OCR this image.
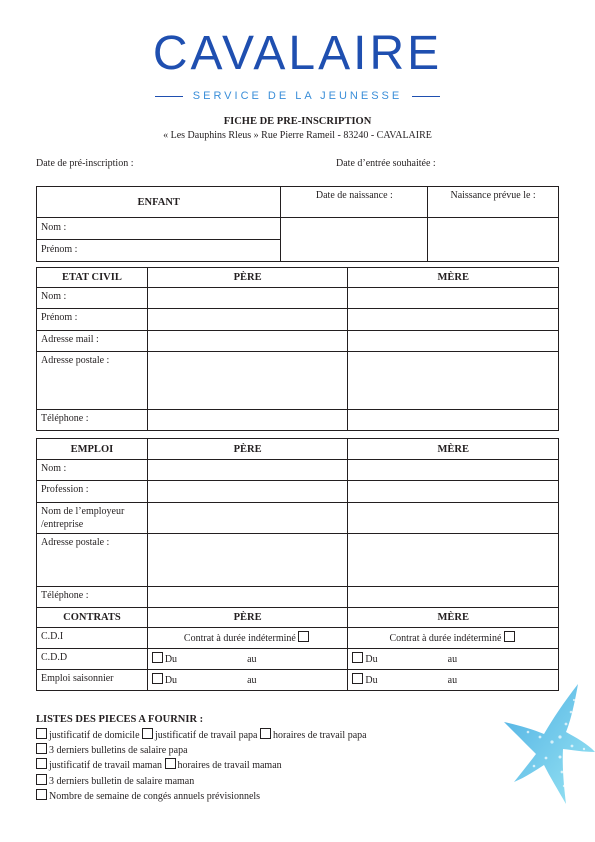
CAVALAIRE
SERVICE DE LA JEUNESSE
FICHE DE PRE-INSCRIPTION
« Les Dauphins Rleus » Rue Pierre Rameil - 83240 - CAVALAIRE
Date de pré-inscription :	Date d’entrée souhaitée :
ENFANT	Date de naissance :	Naissance prévue le :
Nom :		
Prénom :		
ETAT CIVIL	PÈRE	MÈRE
Nom :		
Prénom :		
Adresse mail :		
Adresse postale :		
Téléphone :		
EMPLOI	PÈRE	MÈRE
Nom :		
Profession :		
Nom de l’employeur /entreprise		
Adresse postale :		
Téléphone :		
CONTRATS	PÈRE	MÈRE
C.D.I	Contrat à durée indéterminé	Contrat à durée indéterminé
C.D.D	Du au	Du au
Emploi saisonnier	Du au	Du au
LISTES DES PIECES A FOURNIR :
justificatif de domicile justificatif de travail papa horaires de travail papa
3 derniers bulletins de salaire papa
justificatif de travail maman horaires de travail maman
3 derniers bulletin de salaire maman
Nombre de semaine de congés annuels prévisionnels
